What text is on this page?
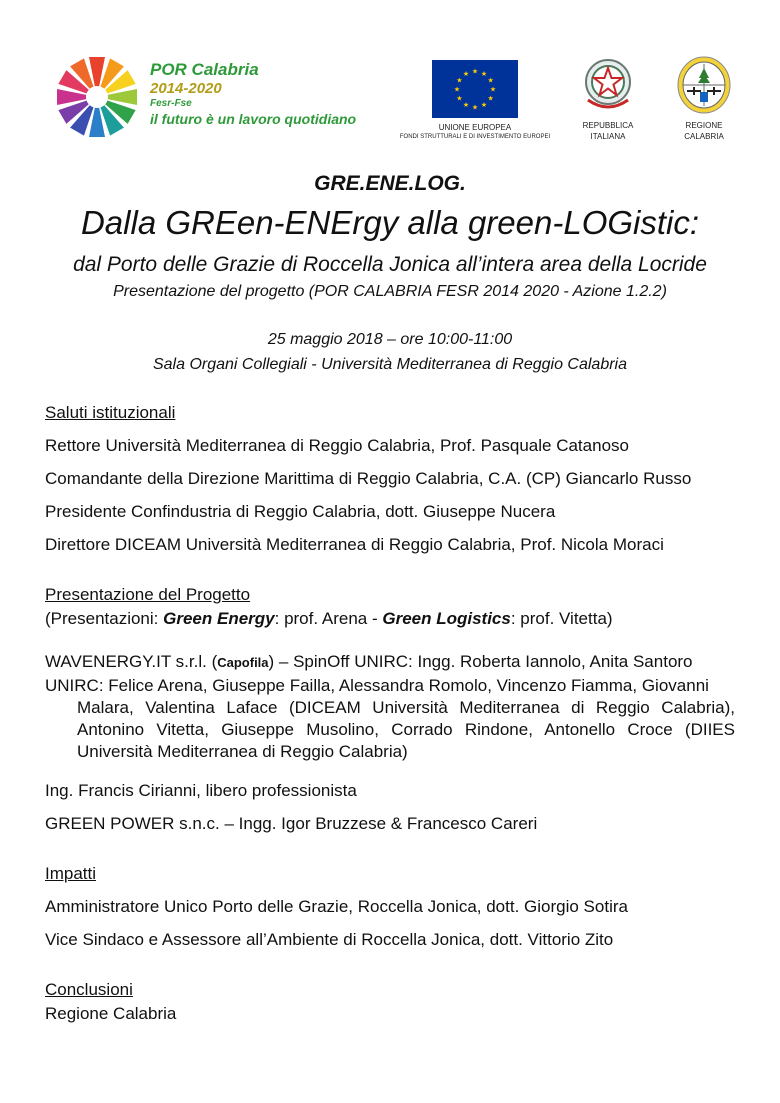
POR Calabria
2014-2020
Fesr-Fse
il futuro è un lavoro quotidiano
★ ★
★
★
★
★
★
★
★
★
★
★
UNIONE EUROPEA
FONDI STRUTTURALI E DI INVESTIMENTO EUROPEI
REPUBBLICA
ITALIANA
REGIONE
CALABRIA

GRE.ENE.LOG.

Dalla GREen-ENErgy alla green-LOGistic:

dal Porto delle Grazie di Roccella Jonica all’intera area della Locride

Presentazione del progetto (POR CALABRIA FESR 2014 2020 - Azione 1.2.2)

25 maggio 2018 – ore 10:00-11:00

Sala Organi Collegiali - Università Mediterranea di Reggio Calabria

Saluti istituzionali

Rettore Università Mediterranea di Reggio Calabria, Prof. Pasquale Catanoso

Comandante della Direzione Marittima di Reggio Calabria, C.A. (CP) Giancarlo Russo

Presidente Confindustria di Reggio Calabria, dott. Giuseppe Nucera

Direttore DICEAM Università Mediterranea di Reggio Calabria, Prof. Nicola Moraci

Presentazione del Progetto

(Presentazioni: Green Energy: prof. Arena - Green Logistics: prof. Vitetta)

WAVENERGY.IT s.r.l. (Capofila) – SpinOff UNIRC: Ingg. Roberta Iannolo, Anita Santoro

UNIRC: Felice Arena, Giuseppe Failla, Alessandra Romolo, Vincenzo Fiamma, Giovanni
Malara, Valentina Laface (DICEAM Università Mediterranea di Reggio Calabria), Antonino Vitetta, Giuseppe Musolino, Corrado Rindone, Antonello Croce (DIIES Università Mediterranea di Reggio Calabria)

Ing. Francis Cirianni, libero professionista

GREEN POWER s.n.c. – Ingg. Igor Bruzzese & Francesco Careri

Impatti

Amministratore Unico Porto delle Grazie, Roccella Jonica, dott. Giorgio Sotira

Vice Sindaco e Assessore all’Ambiente di Roccella Jonica, dott. Vittorio Zito

Conclusioni

Regione Calabria
